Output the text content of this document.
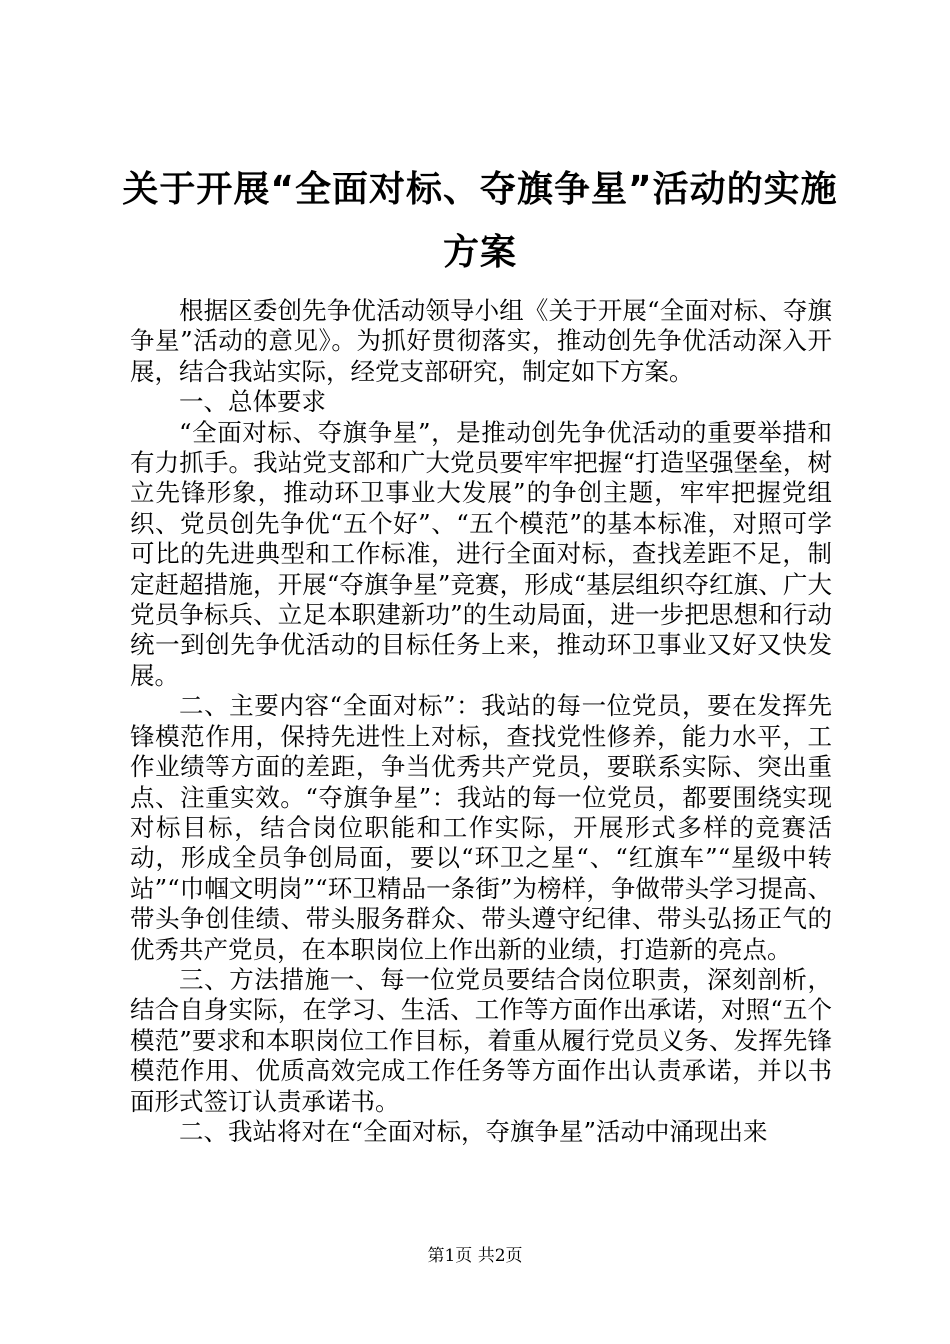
关于开展“全面对标、夺旗争星”活动的实施方案

根据区委创先争优活动领导小组《关于开展“全面对标、夺旗争星”活动的意见》。为抓好贯彻落实，推动创先争优活动深入开展，结合我站实际，经党支部研究，制定如下方案。

一、总体要求

“全面对标、夺旗争星”，是推动创先争优活动的重要举措和有力抓手。我站党支部和广大党员要牢牢把握“打造坚强堡垒，树立先锋形象，推动环卫事业大发展”的争创主题，牢牢把握党组织、党员创先争优“五个好”、“五个模范”的基本标准，对照可学可比的先进典型和工作标准，进行全面对标，查找差距不足，制定赶超措施，开展“夺旗争星”竞赛，形成“基层组织夺红旗、广大党员争标兵、立足本职建新功”的生动局面，进一步把思想和行动统一到创先争优活动的目标任务上来，推动环卫事业又好又快发展。

二、主要内容“全面对标”：我站的每一位党员，要在发挥先锋模范作用，保持先进性上对标，查找党性修养，能力水平，工作业绩等方面的差距，争当优秀共产党员，要联系实际、突出重点、注重实效。“夺旗争星”：我站的每一位党员，都要围绕实现对标目标，结合岗位职能和工作实际，开展形式多样的竞赛活动，形成全员争创局面，要以“环卫之星“、“红旗车”“星级中转站”“巾帼文明岗”“环卫精品一条街”为榜样，争做带头学习提高、带头争创佳绩、带头服务群众、带头遵守纪律、带头弘扬正气的优秀共产党员，在本职岗位上作出新的业绩，打造新的亮点。

三、方法措施一、每一位党员要结合岗位职责，深刻剖析，结合自身实际，在学习、生活、工作等方面作出承诺，对照“五个模范”要求和本职岗位工作目标，着重从履行党员义务、发挥先锋模范作用、优质高效完成工作任务等方面作出认责承诺，并以书面形式签订认责承诺书。

二、我站将对在“全面对标，夺旗争星”活动中涌现出来

第1页 共2页
